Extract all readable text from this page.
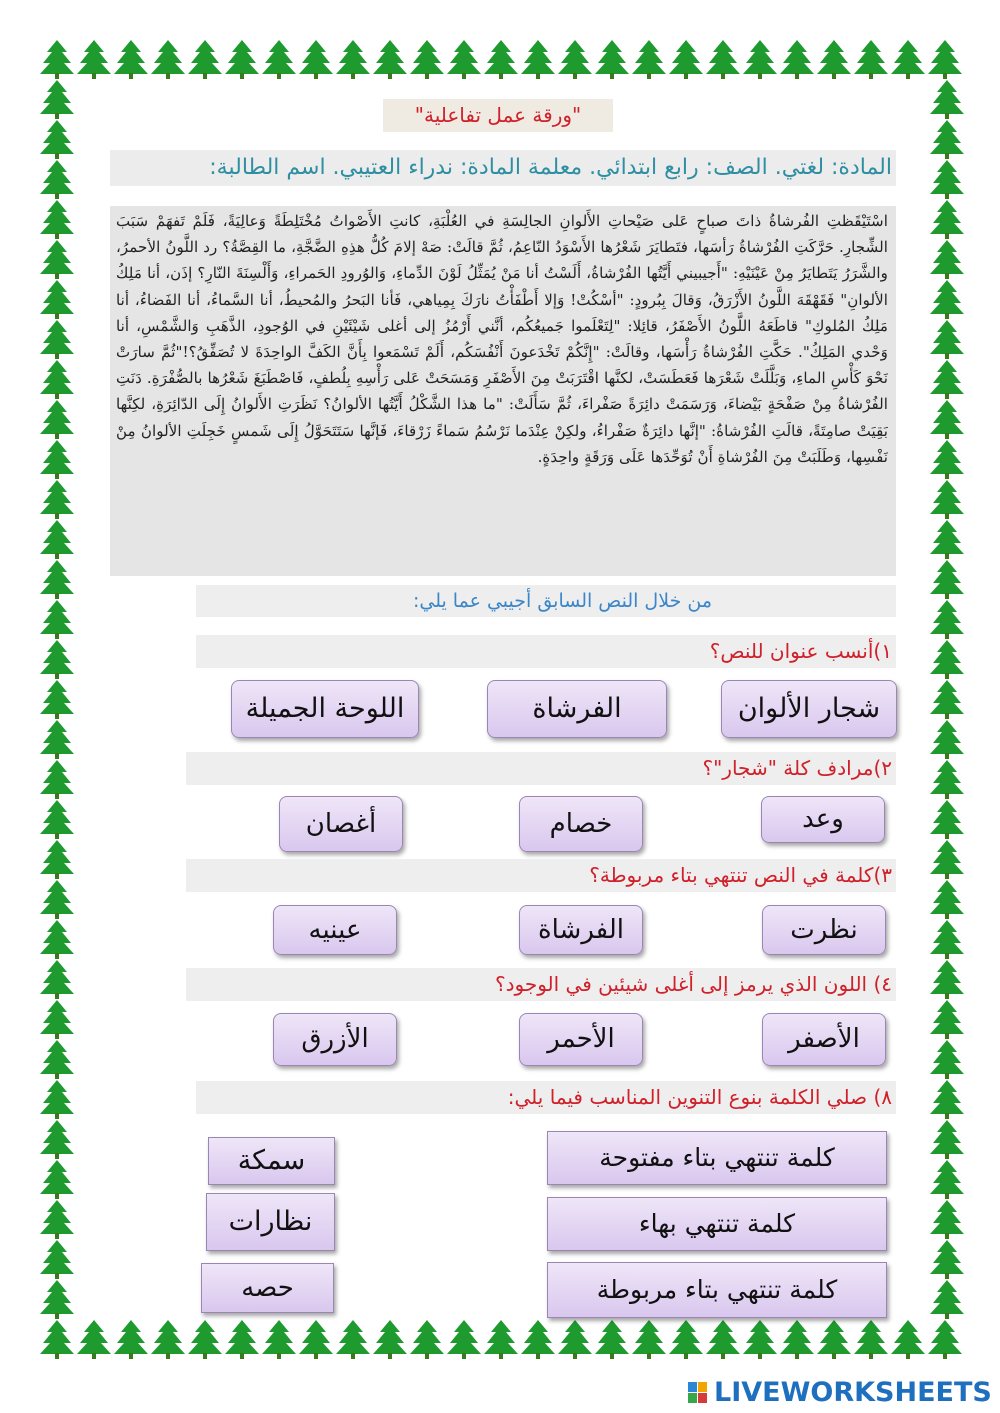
"ورقة عمل تفاعلية"
المادة: لغتي. الصف: رابع ابتدائي. معلمة المادة: ندراء العتيبي. اسم الطالبة:
اسْتَيْقَظتِ الفُرشاةُ ذاتَ صباحٍ عَلى صَيْحاتِ الأَلوانِ الجالِسَةِ في العُلْبَةِ، كانتِ الأَصْواتُ مُخْتَلِطَةً وَعالِيَةً، فَلَمْ تَفهَمْ سَبَبَ الشِّجارِ. حَرَّكَتِ الفُرْشاةُ رَأسَها، فتَطايَرَ شَعْرُها الأَسْوَدُ النّاعِمُ، ثُمَّ قالَتْ: صَهْ إلامَ كُلُّ هذِهِ الضَّجَّةِ، ما القِصَّةُ؟ رد اللَّونُ الأحمرُ، والشَّرَرُ يَتَطايَرُ مِنْ عَيْنَيْهِ: "أَجيبيني أَيَّتُها الفُرْشاةُ، أَلَسْتُ أنا مَنْ يُمَثِّلُ لَوْنَ الدِّماءِ، وَالوُرودِ الحَمراءِ، وَأَلْسِنَةَ النّارِ؟ إذَن، أنا مَلِكُ الألوانِ" فَقَهْقَهَ اللَّونُ الأَزْرَقُ، وَقالَ بِبُرودٍ: "أسْكُتْ! وَإلا أَطْفَأْتُ نارَكَ بِمِياهي، فَأنا البَحرُ والمُحيطُ، أنا السَّماءُ، أنا الفَضاءُ، أنا مَلِكُ المُلوكِ" قاطَعَهُ اللَّونُ الأَصْفَرُ، قائِلا: "لِتَعْلَموا جَميعُكُم، أنَّني أَرْمُزُ إلى أغلى شَيْئَيْنِ في الوُجودِ، الذَّهَبِ وَالشَّمْسِ، أنا وَحْدي المَلِكُ". حَكَّتِ الفُرْشاةُ رَأْسَها، وقالَتْ: "إِنَّكُمْ تَخْدَعونَ أَنْفُسَكُم، أَلَمْ تَسْمَعوا بِأَنَّ الكَفَّ الواحِدَةَ لا تُصَفِّقُ؟!"ثُمَّ سارَتْ نَحْوَ كَأْسِ الماءِ، وَبَلَّلَتْ شَعْرَها فَعَطَسَتْ، لكنَّها اقْتَرَبَتْ مِنَ الأَصْفَرِ وَمَسَحَتْ عَلى رَأْسِهِ بِلُطفٍ، فَاصْطَبَغَ شَعْرُها بالصُّفْرَةِ. دَنَتِ الفُرْشاةُ مِنْ صَفْحَةٍ بَيْضاءَ، وَرَسَمَتْ دائِرَةً صَفْراءَ، ثُمَّ سَأَلَتْ: "ما هذا الشَّكْلُ أَيَّتُها الألوانُ؟ نَظَرَتِ الأَلوانُ إِلَى الدّائِرَةِ، لكِنَّها بَقِيَتْ صامِتَةً، قالَتِ الفُرْشاةُ: "إنَّها دائِرَةٌ صَفْراءُ، ولكِنْ عِنْدَما نَرْسُمُ سَماءً زَرْقاءَ، فَإنَّها سَتَتَحَوَّلُ إِلَى شَمسٍ خَجِلَتِ الألوانُ مِنْ نَفْسِها، وَطَلَبَتْ مِنَ الفُرْشاةِ أَنْ تُوَحِّدَها عَلَى وَرَقَةٍ واحِدَةٍ.
من خلال النص السابق أجيبي عما يلي:
١)أنسب عنوان للنص؟
شجار الألوان
الفرشاة
اللوحة الجميلة
٢)مرادف كلة "شجار"؟
وعد
خصام
أغصان
٣)كلمة في النص تنتهي بتاء مربوطة؟
نظرت
الفرشاة
عينيه
٤) اللون الذي يرمز إلى أغلى شيئين في الوجود؟
الأصفر
الأحمر
الأزرق
٨) صلي الكلمة بنوع التنوين المناسب فيما يلي:
كلمة تنتهي بتاء مفتوحة
كلمة تنتهي بهاء
كلمة تنتهي بتاء مربوطة
سمكة
نظارات
حصه
LIVEWORKSHEETS
